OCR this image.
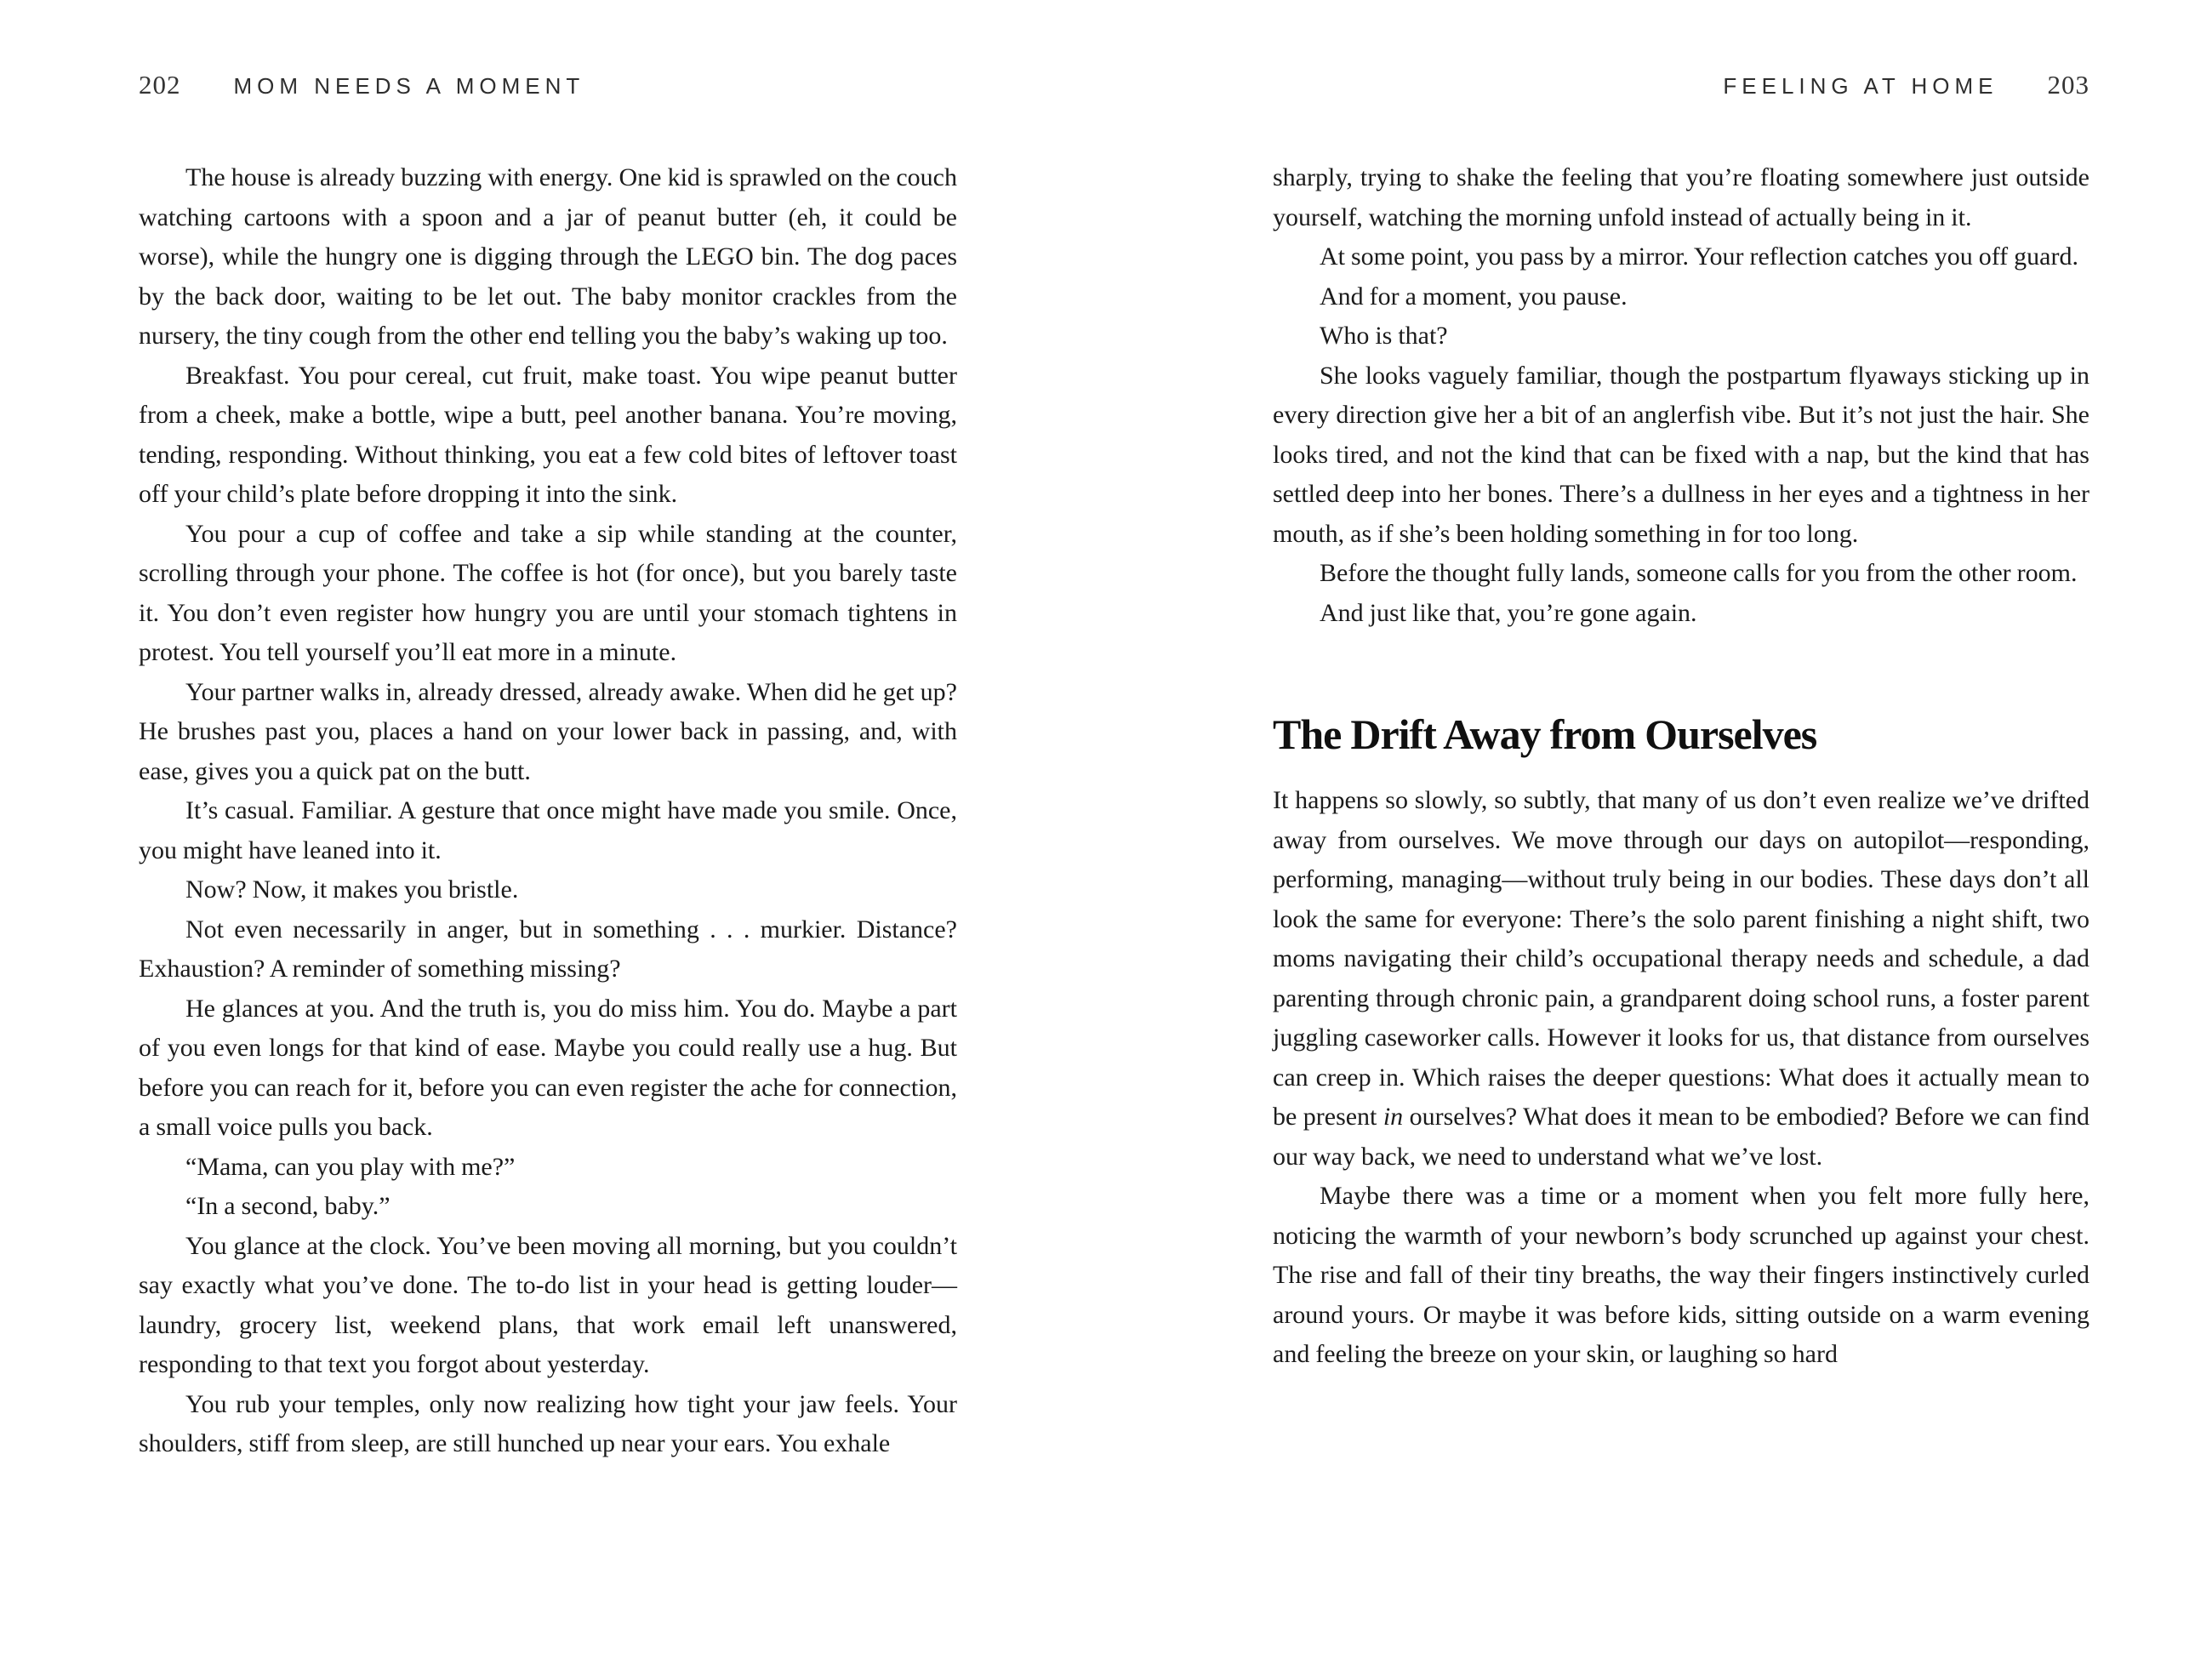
202 MOM NEEDS A MOMENT	FEELING AT HOME 203

The house is already buzzing with energy. One kid is sprawled on the couch watching cartoons with a spoon and a jar of peanut butter (eh, it could be worse), while the hungry one is digging through the LEGO bin. The dog paces by the back door, waiting to be let out. The baby monitor crackles from the nursery, the tiny cough from the other end telling you the baby’s waking up too.

Breakfast. You pour cereal, cut fruit, make toast. You wipe peanut butter from a cheek, make a bottle, wipe a butt, peel another banana. You’re moving, tending, responding. Without thinking, you eat a few cold bites of leftover toast off your child’s plate before dropping it into the sink.

You pour a cup of coffee and take a sip while standing at the counter, scrolling through your phone. The coffee is hot (for once), but you barely taste it. You don’t even register how hungry you are until your stomach tightens in protest. You tell yourself you’ll eat more in a minute.

Your partner walks in, already dressed, already awake. When did he get up? He brushes past you, places a hand on your lower back in passing, and, with ease, gives you a quick pat on the butt.

It’s casual. Familiar. A gesture that once might have made you smile. Once, you might have leaned into it.

Now? Now, it makes you bristle.

Not even necessarily in anger, but in something . . . murkier. Distance? Exhaustion? A reminder of something missing?

He glances at you. And the truth is, you do miss him. You do. Maybe a part of you even longs for that kind of ease. Maybe you could really use a hug. But before you can reach for it, before you can even register the ache for connection, a small voice pulls you back.

“Mama, can you play with me?”

“In a second, baby.”

You glance at the clock. You’ve been moving all morning, but you couldn’t say exactly what you’ve done. The to-do list in your head is getting louder—laundry, grocery list, weekend plans, that work email left unanswered, responding to that text you forgot about yesterday.

You rub your temples, only now realizing how tight your jaw feels. Your shoulders, stiff from sleep, are still hunched up near your ears. You exhale

sharply, trying to shake the feeling that you’re floating somewhere just outside yourself, watching the morning unfold instead of actually being in it.

At some point, you pass by a mirror. Your reflection catches you off guard.

And for a moment, you pause.

Who is that?

She looks vaguely familiar, though the postpartum flyaways sticking up in every direction give her a bit of an anglerfish vibe. But it’s not just the hair. She looks tired, and not the kind that can be fixed with a nap, but the kind that has settled deep into her bones. There’s a dullness in her eyes and a tightness in her mouth, as if she’s been holding something in for too long.

Before the thought fully lands, someone calls for you from the other room.

And just like that, you’re gone again.

The Drift Away from Ourselves

It happens so slowly, so subtly, that many of us don’t even realize we’ve drifted away from ourselves. We move through our days on autopilot—responding, performing, managing—without truly being in our bodies. These days don’t all look the same for everyone: There’s the solo parent finishing a night shift, two moms navigating their child’s occupational therapy needs and schedule, a dad parenting through chronic pain, a grandparent doing school runs, a foster parent juggling caseworker calls. However it looks for us, that distance from ourselves can creep in. Which raises the deeper questions: What does it actually mean to be present in ourselves? What does it mean to be embodied? Before we can find our way back, we need to understand what we’ve lost.

Maybe there was a time or a moment when you felt more fully here, noticing the warmth of your newborn’s body scrunched up against your chest. The rise and fall of their tiny breaths, the way their fingers instinctively curled around yours. Or maybe it was before kids, sitting outside on a warm evening and feeling the breeze on your skin, or laughing so hard
